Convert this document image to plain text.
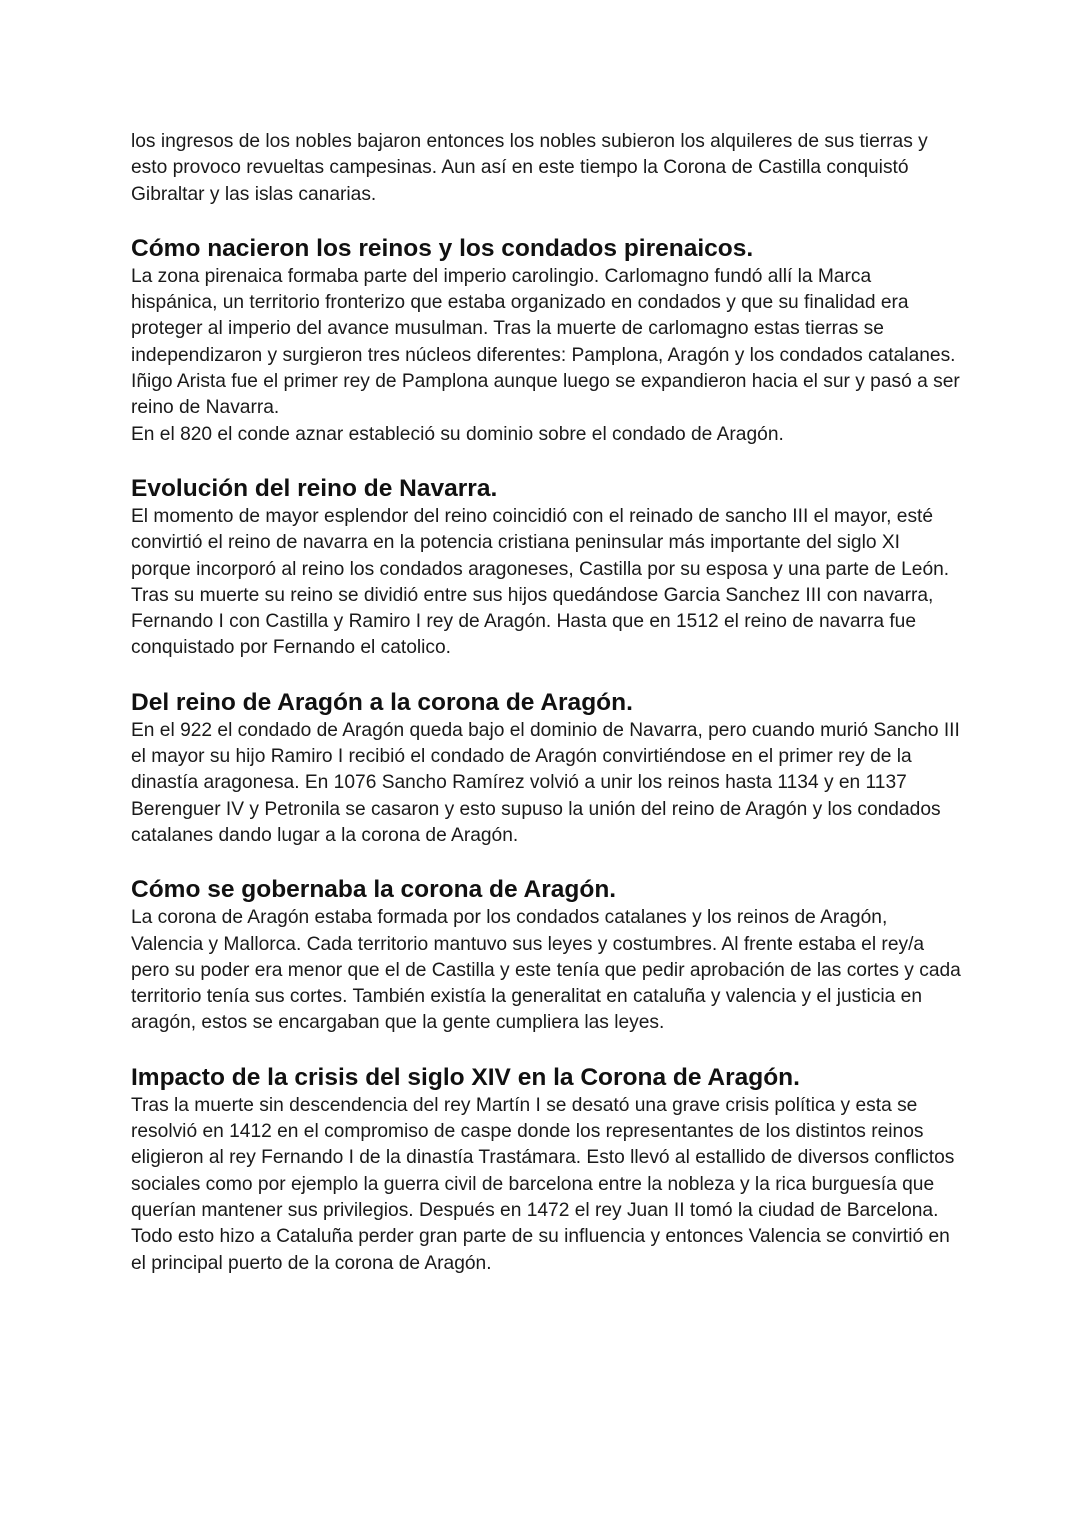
los ingresos de los nobles bajaron entonces los nobles subieron los alquileres de sus tierras y esto provoco revueltas campesinas. Aun así en este tiempo la Corona de Castilla conquistó Gibraltar y las islas canarias.

Cómo nacieron los reinos y los condados pirenaicos.

La zona pirenaica formaba parte del imperio carolingio. Carlomagno fundó allí la Marca hispánica, un territorio fronterizo que estaba organizado en condados y que su finalidad era proteger al imperio del avance musulman. Tras la muerte de carlomagno estas tierras se independizaron y surgieron tres núcleos diferentes: Pamplona, Aragón y los condados catalanes.

Iñigo Arista fue el primer rey de Pamplona aunque luego se expandieron hacia el sur y pasó a ser reino de Navarra.

En el 820 el conde aznar estableció su dominio sobre el condado de Aragón.

Evolución del reino de Navarra.

El momento de mayor esplendor del reino coincidió con el reinado de sancho III el mayor, esté convirtió el reino de navarra en la potencia cristiana peninsular más importante del siglo XI porque incorporó al reino los condados aragoneses, Castilla por su esposa y una parte de León.

Tras su muerte su reino se dividió entre sus hijos quedándose Garcia Sanchez III con navarra, Fernando I con Castilla y Ramiro I rey de Aragón. Hasta que en 1512 el reino de navarra fue conquistado por Fernando el catolico.

Del reino de Aragón a la corona de Aragón.

En el 922 el condado de Aragón queda bajo el dominio de Navarra, pero cuando murió Sancho III el mayor su hijo Ramiro I recibió el condado de Aragón convirtiéndose en el primer rey de la dinastía aragonesa. En 1076 Sancho Ramírez volvió a unir los reinos hasta 1134 y en 1137 Berenguer IV y Petronila se casaron y esto supuso la unión del reino de Aragón y los condados catalanes dando lugar a la corona de Aragón.

Cómo se gobernaba la corona de Aragón.

La corona de Aragón estaba formada por los condados catalanes y los reinos de Aragón, Valencia y Mallorca. Cada territorio mantuvo sus leyes y costumbres. Al frente estaba el rey/a pero su poder era menor que el de Castilla y este tenía que pedir aprobación de las cortes y cada territorio tenía sus cortes. También existía la generalitat en cataluña y valencia y el justicia en aragón, estos se encargaban que la gente cumpliera las leyes.

Impacto de la crisis del siglo XIV en la Corona de Aragón.

Tras la muerte sin descendencia del rey Martín I se desató una grave crisis política y esta se resolvió en 1412 en el compromiso de caspe donde los representantes de los distintos reinos eligieron al rey Fernando I de la dinastía Trastámara. Esto llevó al estallido de diversos conflictos sociales como por ejemplo la guerra civil de barcelona entre la nobleza y la rica burguesía que querían mantener sus privilegios. Después en 1472 el rey Juan II tomó la ciudad de Barcelona. Todo esto hizo a Cataluña perder gran parte de su influencia y entonces Valencia se convirtió en el principal puerto de la corona de Aragón.
